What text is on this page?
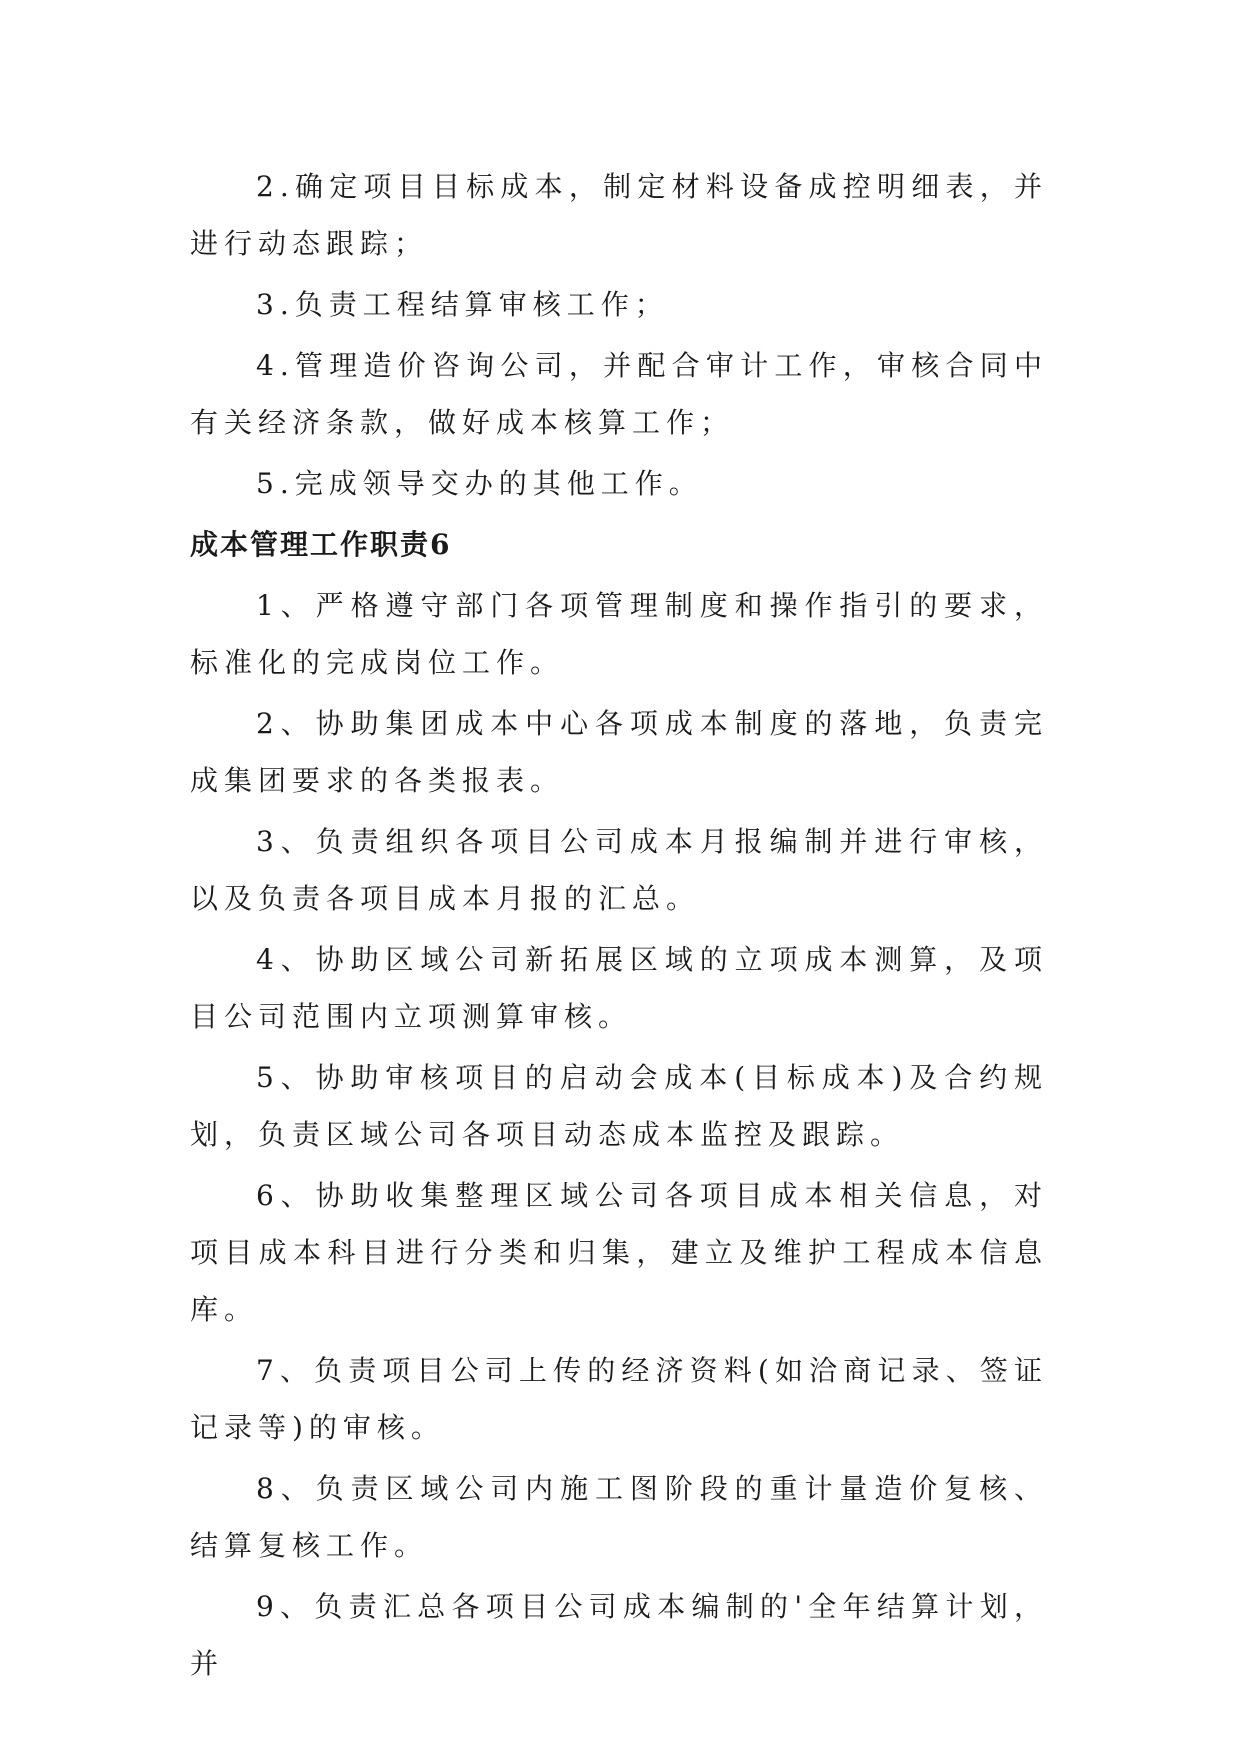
2.确定项目目标成本，制定材料设备成控明细表，并进行动态跟踪；

3.负责工程结算审核工作；

4.管理造价咨询公司，并配合审计工作，审核合同中有关经济条款，做好成本核算工作；

5.完成领导交办的其他工作。

成本管理工作职责6

1、严格遵守部门各项管理制度和操作指引的要求，标准化的完成岗位工作。

2、协助集团成本中心各项成本制度的落地，负责完成集团要求的各类报表。

3、负责组织各项目公司成本月报编制并进行审核，以及负责各项目成本月报的汇总。

4、协助区域公司新拓展区域的立项成本测算，及项目公司范围内立项测算审核。

5、协助审核项目的启动会成本(目标成本)及合约规划，负责区域公司各项目动态成本监控及跟踪。

6、协助收集整理区域公司各项目成本相关信息，对项目成本科目进行分类和归集，建立及维护工程成本信息库。

7、负责项目公司上传的经济资料(如洽商记录、签证记录等)的审核。

8、负责区域公司内施工图阶段的重计量造价复核、结算复核工作。

9、负责汇总各项目公司成本编制的'全年结算计划，并
